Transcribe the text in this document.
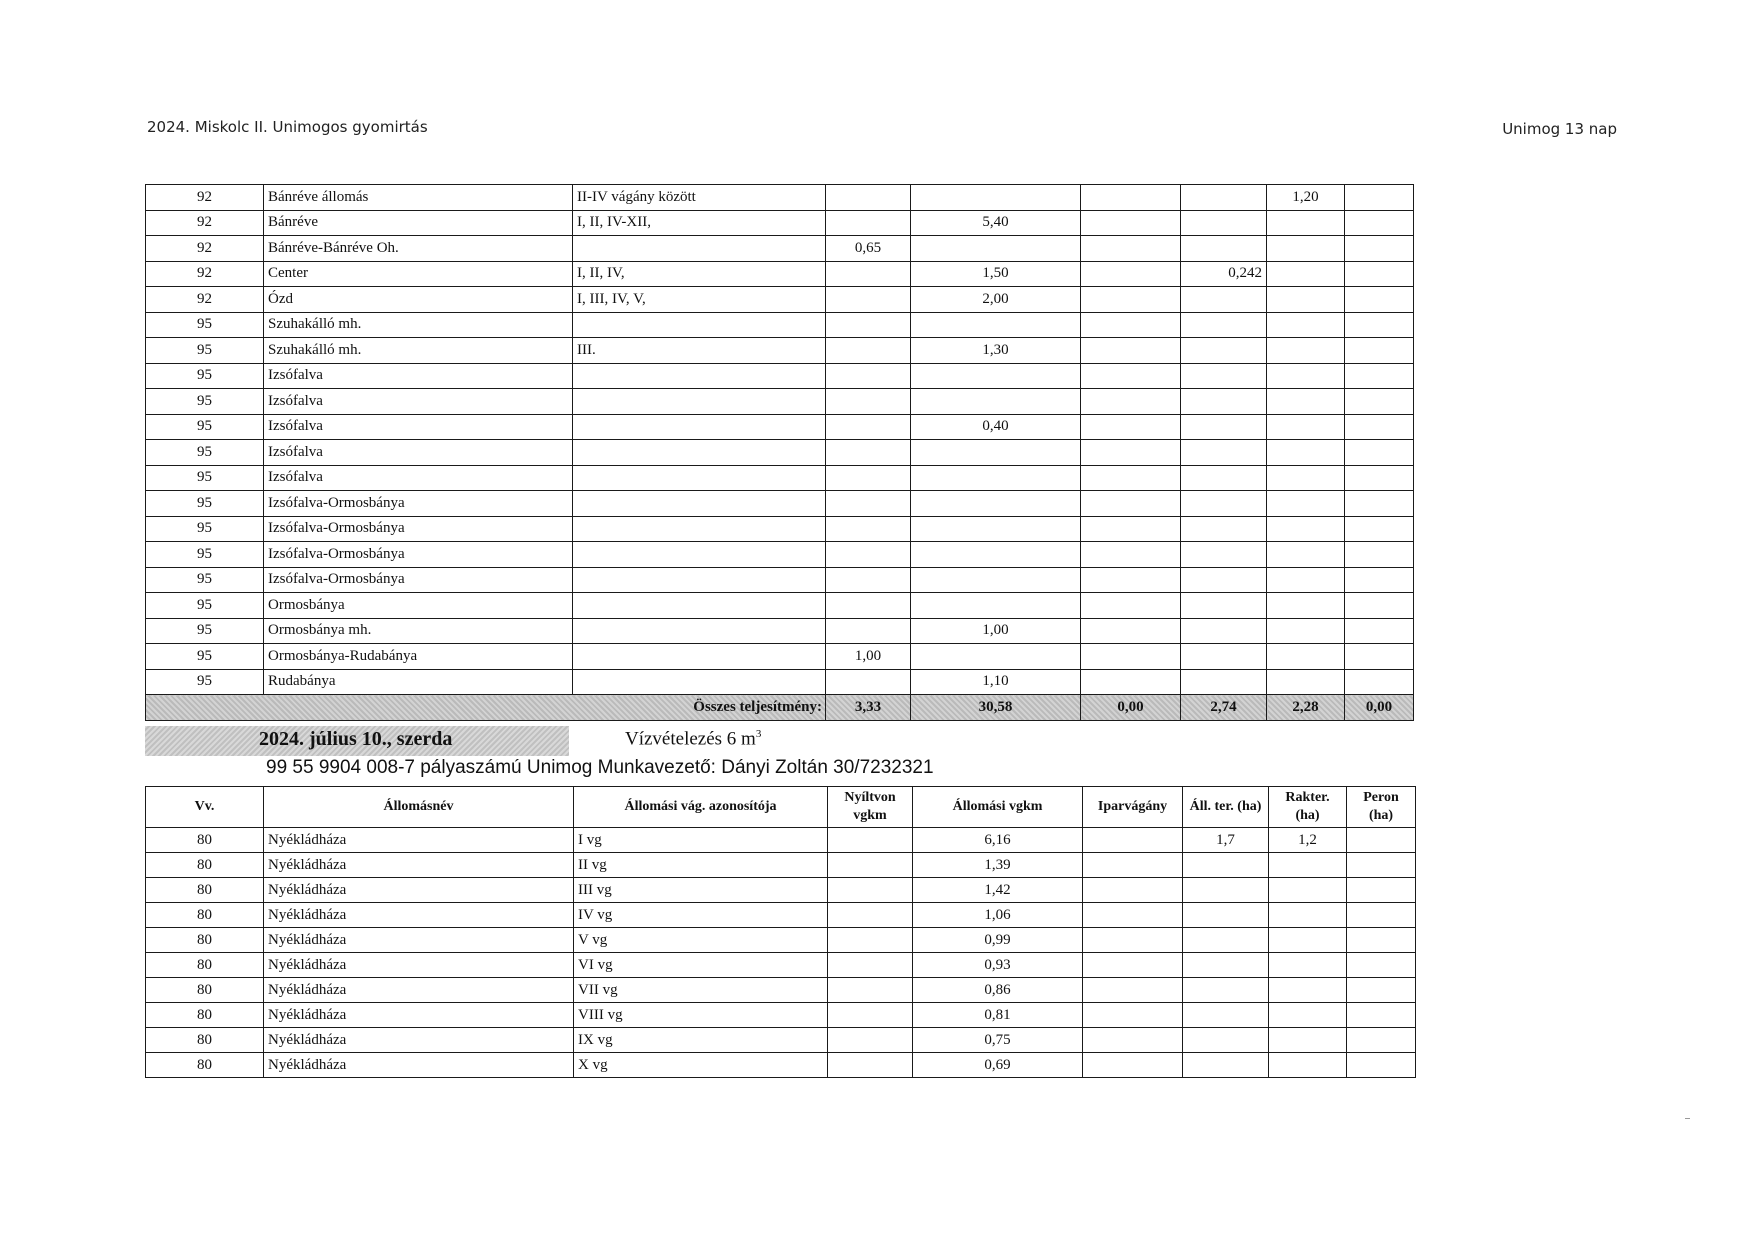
2024. Miskolc II. Unimogos gyomirtás	Unimog 13 nap
92	Bánréve állomás	II-IV vágány között					1,20	
92	Bánréve	I, II, IV-XII,		5,40				
92	Bánréve-Bánréve Oh.		0,65					
92	Center	I, II, IV,		1,50		0,242		
92	Ózd	I, III, IV, V,		2,00				
95	Szuhakálló mh.							
95	Szuhakálló mh.	III.		1,30				
95	Izsófalva							
95	Izsófalva							
95	Izsófalva			0,40				
95	Izsófalva							
95	Izsófalva							
95	Izsófalva-Ormosbánya							
95	Izsófalva-Ormosbánya							
95	Izsófalva-Ormosbánya							
95	Izsófalva-Ormosbánya							
95	Ormosbánya							
95	Ormosbánya mh.			1,00				
95	Ormosbánya-Rudabánya		1,00					
95	Rudabánya			1,10				
Összes teljesítmény:			3,33	30,58	0,00	2,74	2,28	0,00
2024. július 10., szerda	Vízvételezés 6 $m^3$
99 55 9904 008-7 pályaszámú Unimog Munkavezető: Dányi Zoltán 30/7232321
Vv.	Állomásnév	Állomási vág. azonosítója	Nyíltvon vgkm	Állomási vgkm	Iparvágány	Áll. ter. (ha)	Rakter. (ha)	Peron (ha)
80	Nyékládháza	I vg		6,16		1,7	1,2	
80	Nyékládháza	II vg		1,39				
80	Nyékládháza	III vg		1,42				
80	Nyékládháza	IV vg		1,06				
80	Nyékládháza	V vg		0,99				
80	Nyékládháza	VI vg		0,93				
80	Nyékládháza	VII vg		0,86				
80	Nyékládháza	VIII vg		0,81				
80	Nyékládháza	IX vg		0,75				
80	Nyékládháza	X vg		0,69				
